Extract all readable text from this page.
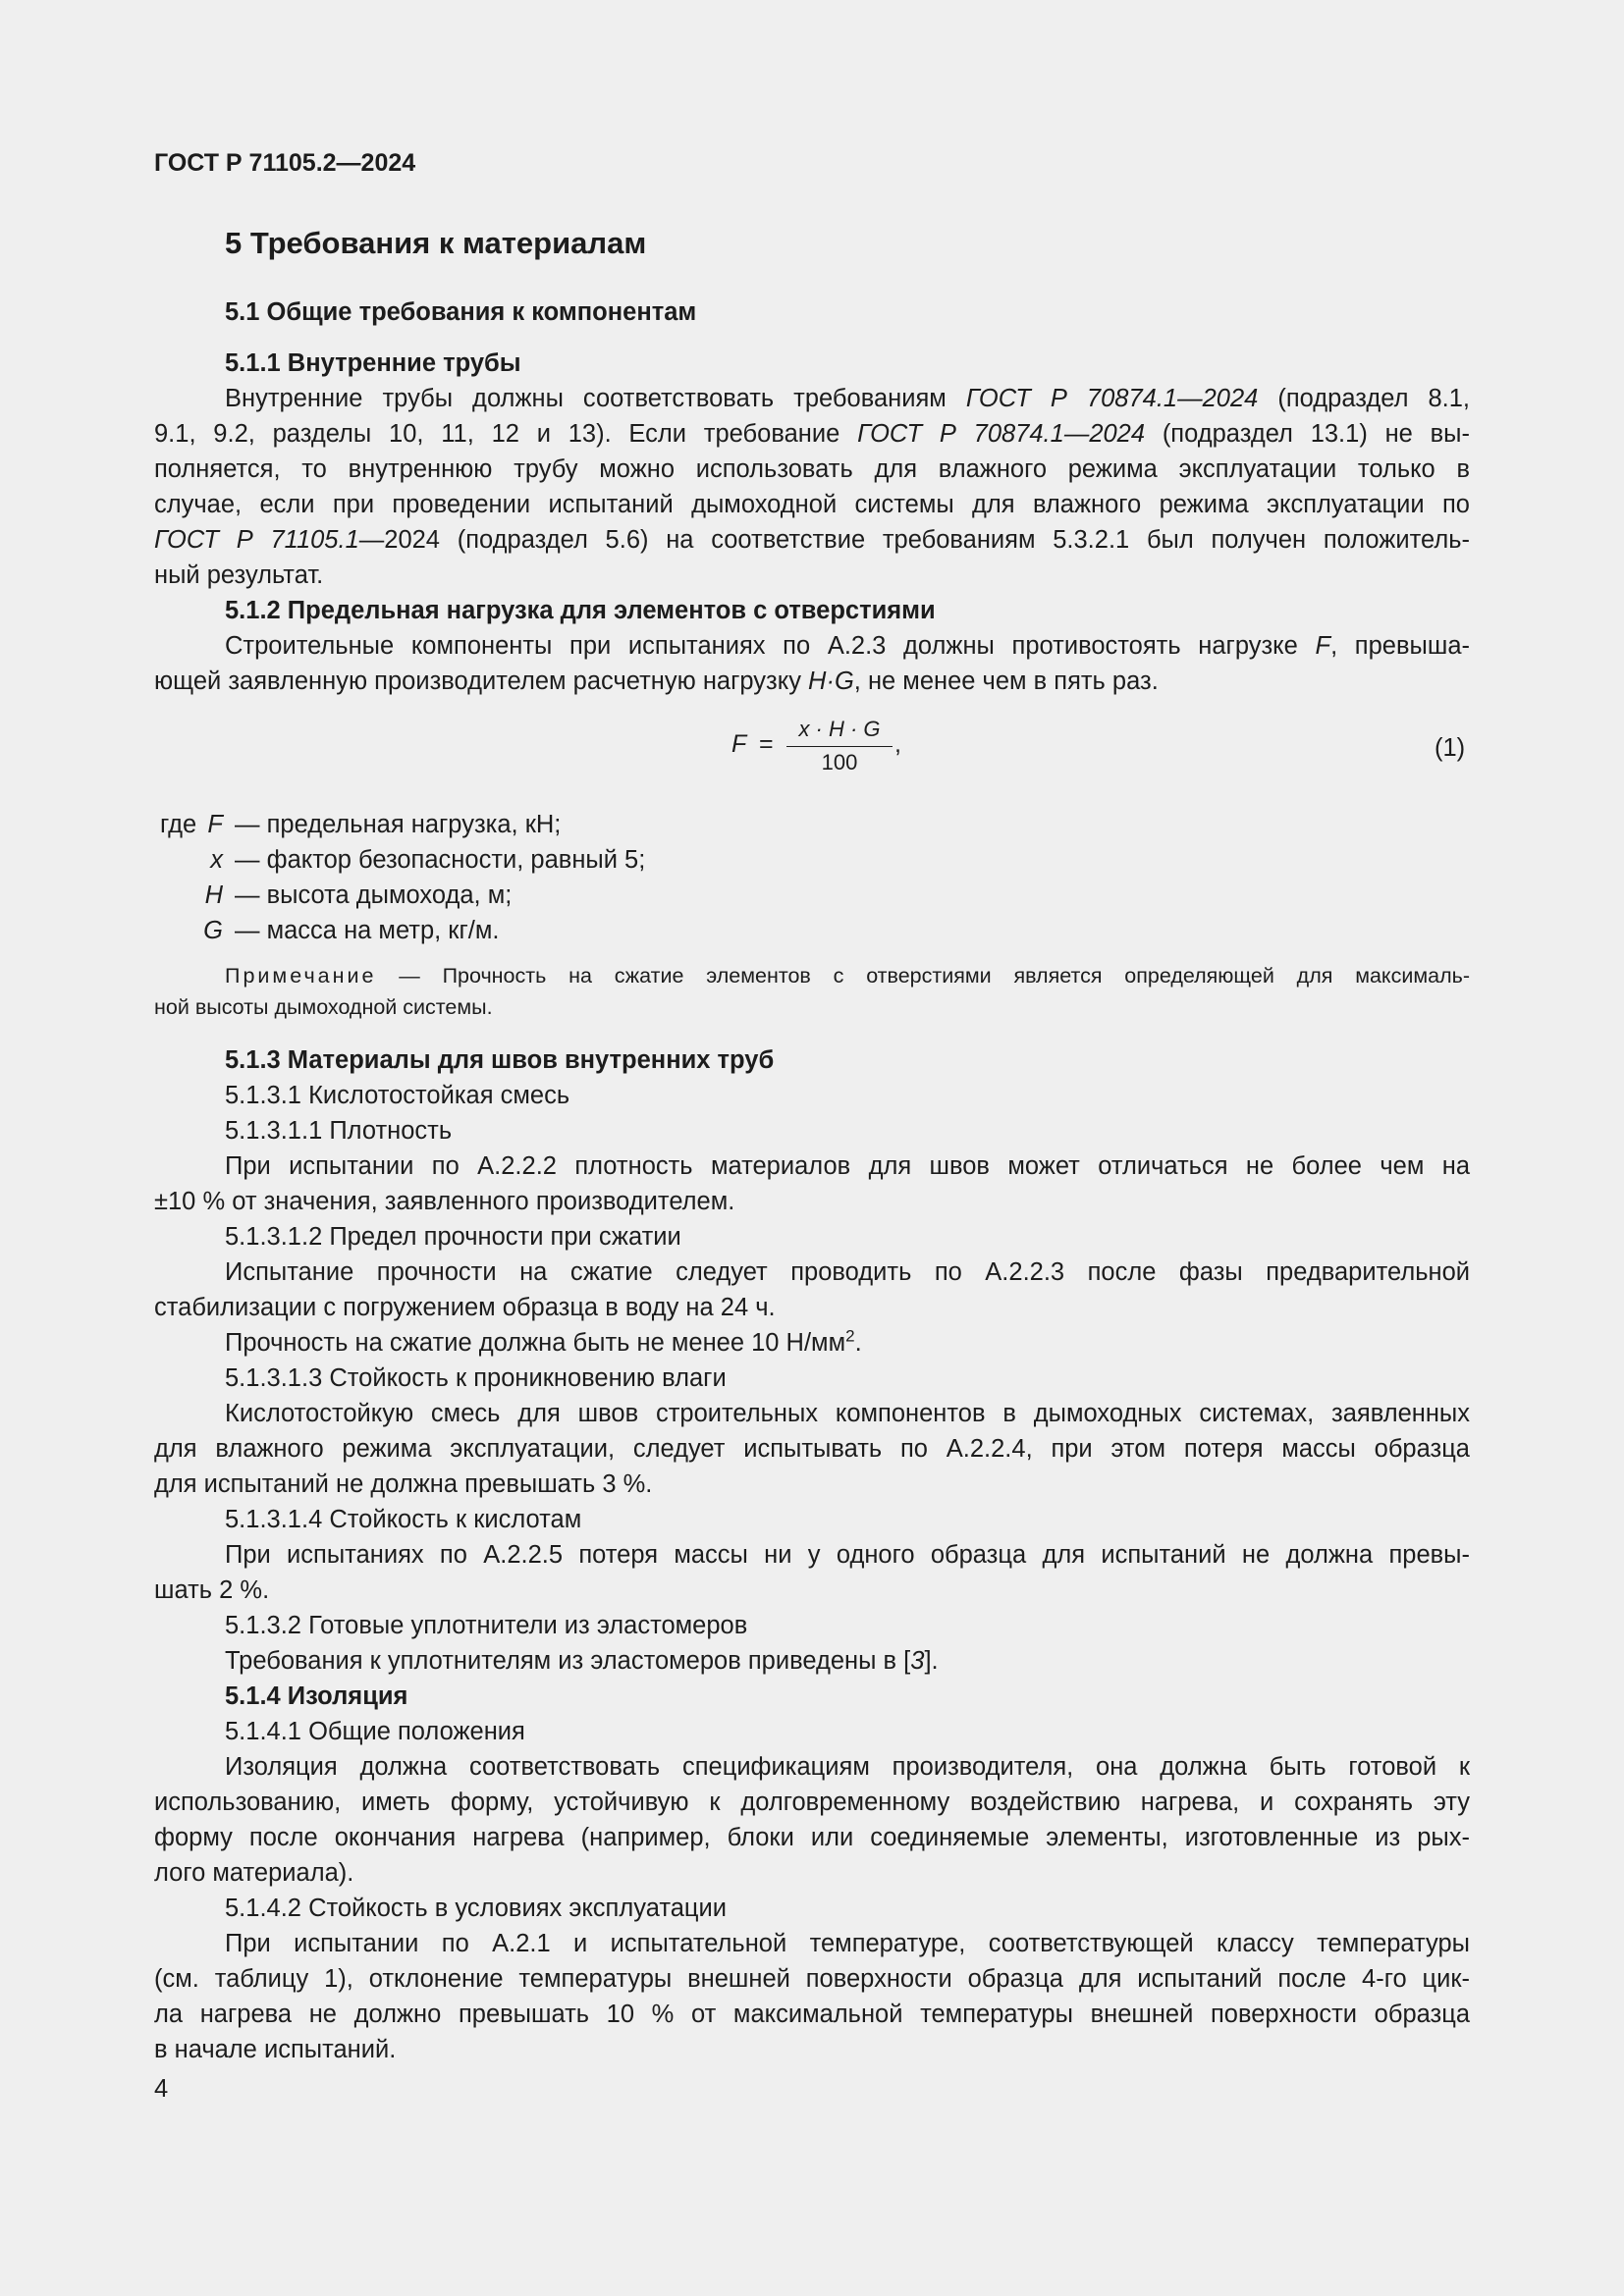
ГОСТ Р 71105.2—2024
5 Требования к материалам
5.1 Общие требования к компонентам
5.1.1 Внутренние трубы
Внутренние трубы должны соответствовать требованиям ГОСТ Р 70874.1—2024 (подраздел 8.1,
9.1, 9.2, разделы 10, 11, 12 и 13). Если требование ГОСТ Р 70874.1—2024 (подраздел 13.1) не вы-
полняется, то внутреннюю трубу можно использовать для влажного режима эксплуатации только в
случае, если при проведении испытаний дымоходной системы для влажного режима эксплуатации по
ГОСТ Р 71105.1—2024 (подраздел 5.6) на соответствие требованиям 5.3.2.1 был получен положитель-
ный результат.
5.1.2 Предельная нагрузка для элементов с отверстиями
Строительные компоненты при испытаниях по А.2.3 должны противостоять нагрузке F, превыша-
ющей заявленную производителем расчетную нагрузку H·G, не менее чем в пять раз.
$F = \frac{x \cdot H \cdot G}{100}$ ,	(1)
где F — предельная нагрузка, кН;
x — фактор безопасности, равный 5;
H — высота дымохода, м;
G — масса на метр, кг/м.
Примечание — Прочность на сжатие элементов с отверстиями является определяющей для максималь-
ной высоты дымоходной системы.
5.1.3 Материалы для швов внутренних труб
5.1.3.1 Кислотостойкая смесь
5.1.3.1.1 Плотность
При испытании по А.2.2.2 плотность материалов для швов может отличаться не более чем на
±10 % от значения, заявленного производителем.
5.1.3.1.2 Предел прочности при сжатии
Испытание прочности на сжатие следует проводить по А.2.2.3 после фазы предварительной
стабилизации с погружением образца в воду на 24 ч.
Прочность на сжатие должна быть не менее 10 $Н/мм^2$.
5.1.3.1.3 Стойкость к проникновению влаги
Кислотостойкую смесь для швов строительных компонентов в дымоходных системах, заявленных
для влажного режима эксплуатации, следует испытывать по А.2.2.4, при этом потеря массы образца
для испытаний не должна превышать 3 %.
5.1.3.1.4 Стойкость к кислотам
При испытаниях по А.2.2.5 потеря массы ни у одного образца для испытаний не должна превы-
шать 2 %.
5.1.3.2 Готовые уплотнители из эластомеров
Требования к уплотнителям из эластомеров приведены в [3].
5.1.4 Изоляция
5.1.4.1 Общие положения
Изоляция должна соответствовать спецификациям производителя, она должна быть готовой к
использованию, иметь форму, устойчивую к долговременному воздействию нагрева, и сохранять эту
форму после окончания нагрева (например, блоки или соединяемые элементы, изготовленные из рых-
лого материала).
5.1.4.2 Стойкость в условиях эксплуатации
При испытании по А.2.1 и испытательной температуре, соответствующей классу температуры
(см. таблицу 1), отклонение температуры внешней поверхности образца для испытаний после 4-го цик-
ла нагрева не должно превышать 10 % от максимальной температуры внешней поверхности образца
в начале испытаний.
4
